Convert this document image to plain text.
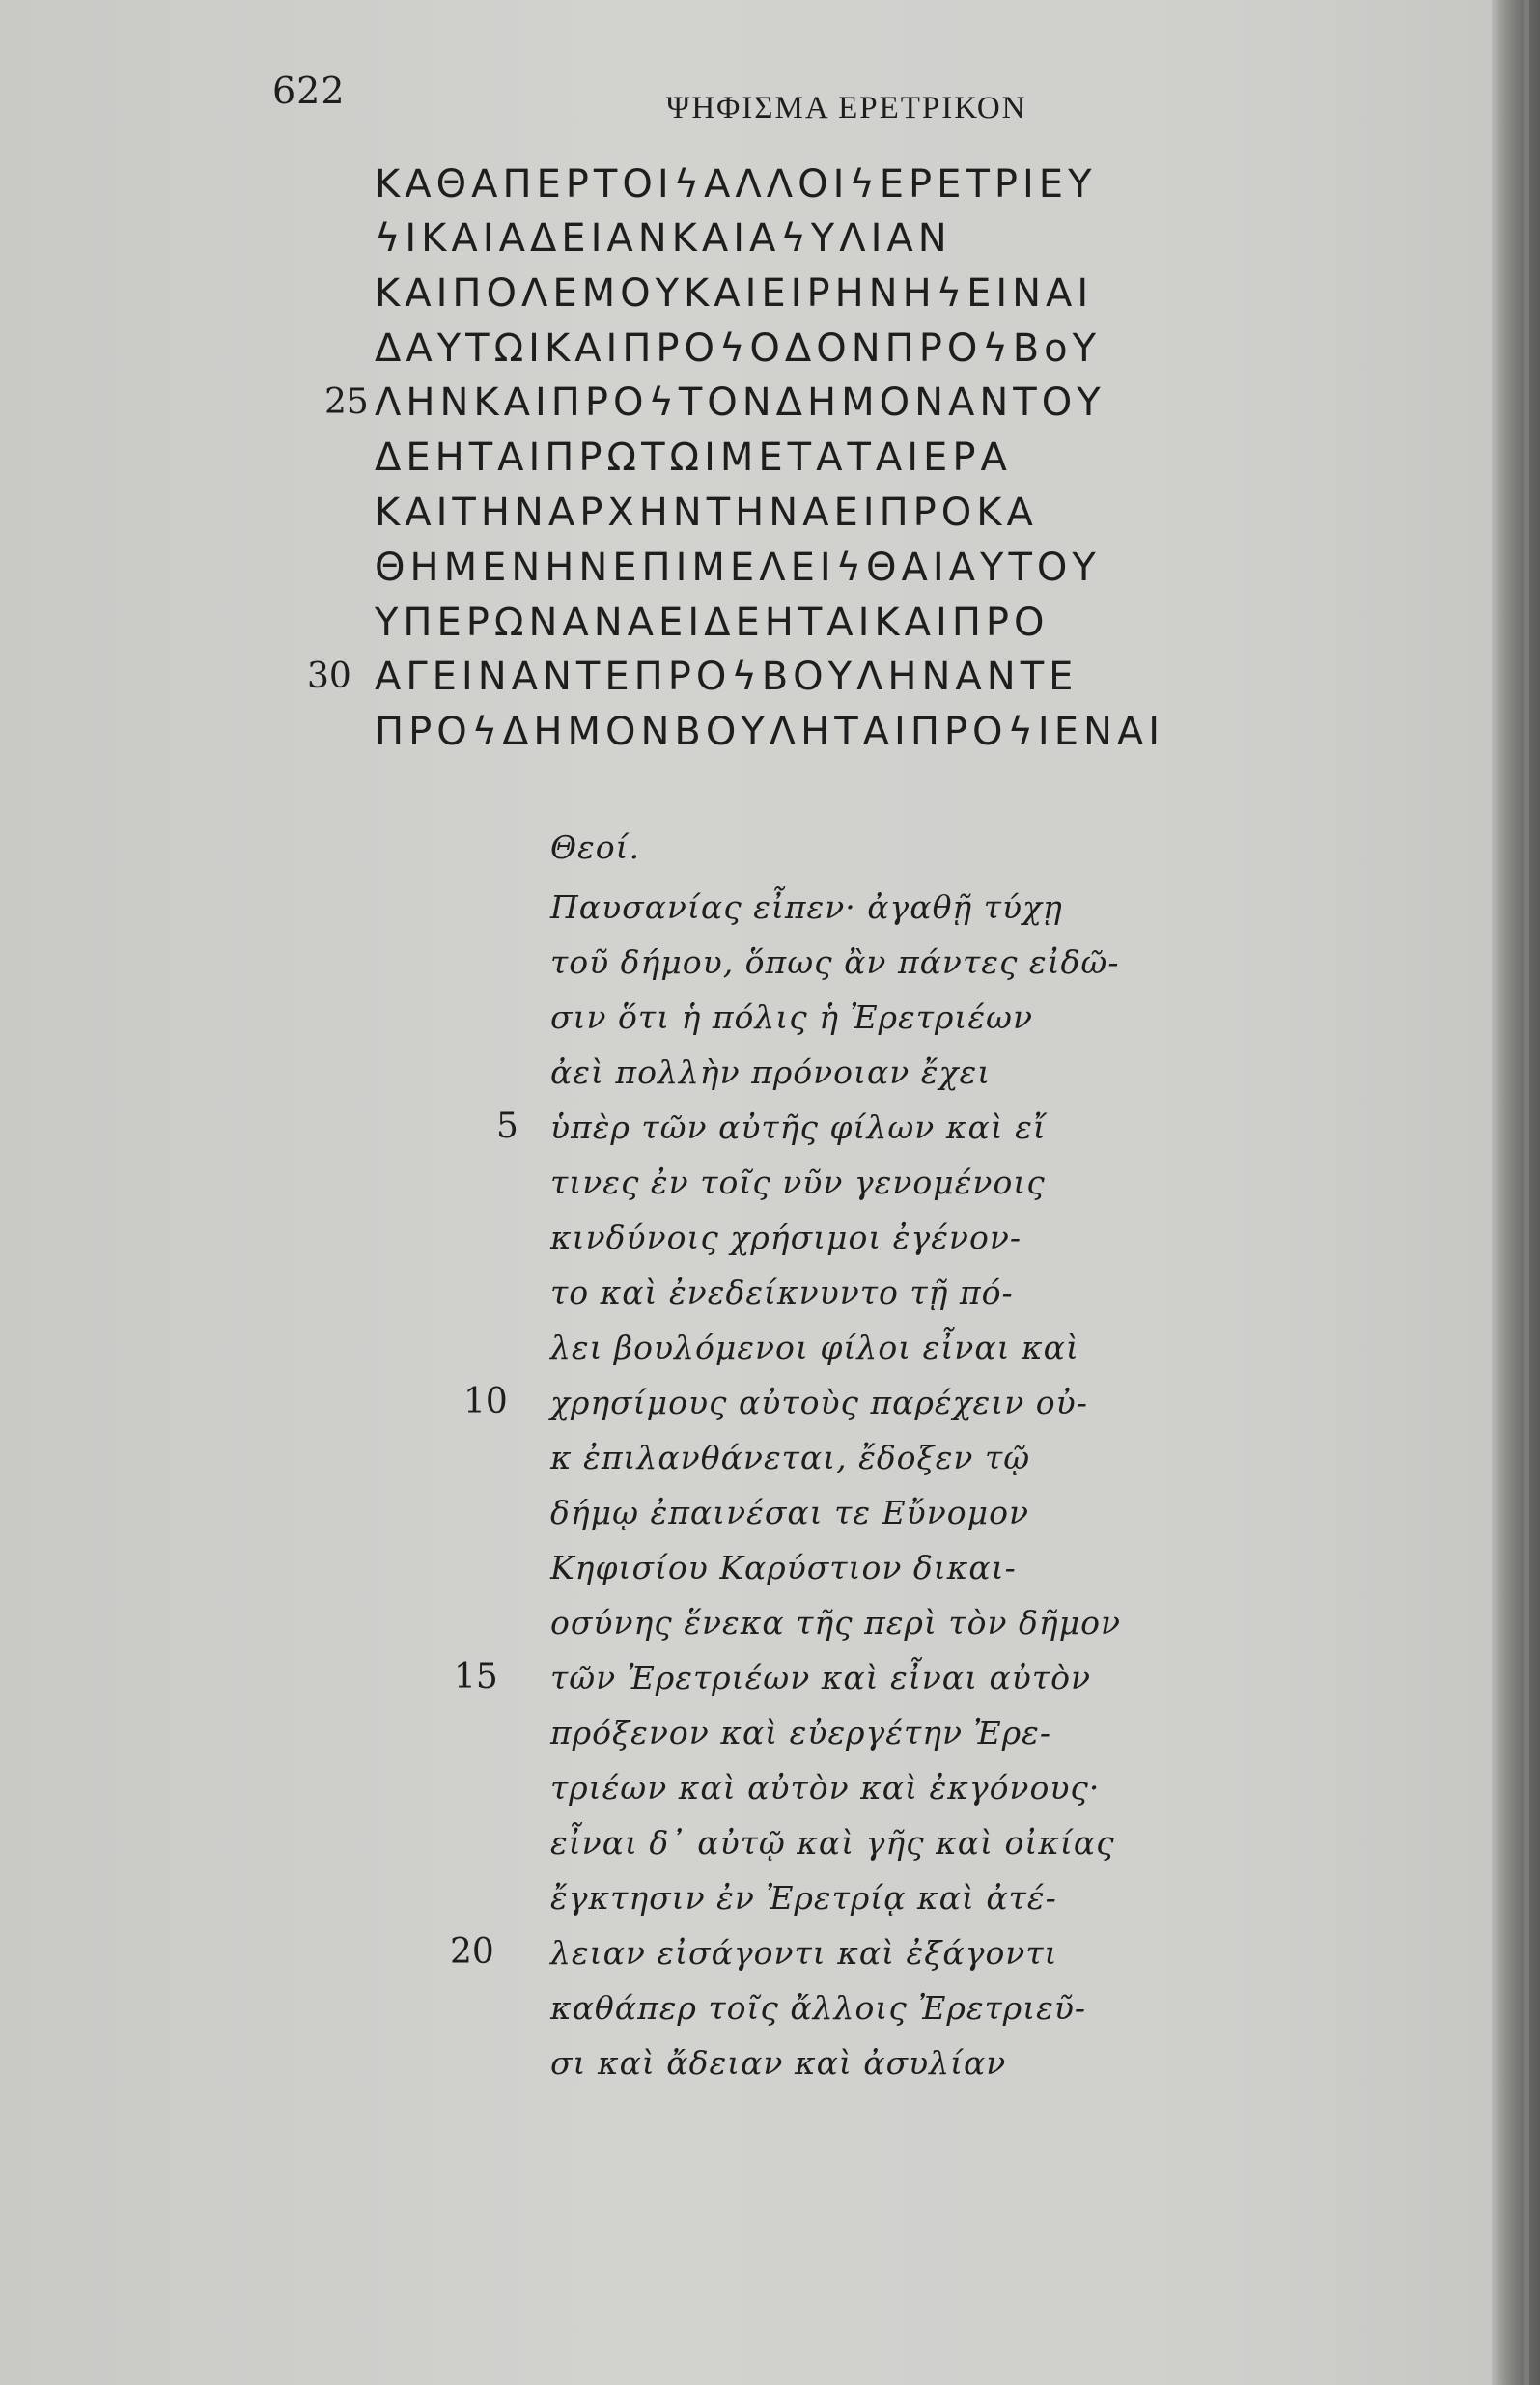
622	ΨΗΦΙΣΜΑ ΕΡΕΤΡΙΚΟΝ
ΚΑΘΑΠΕΡΤΟΙϟΑΛΛΟΙϟΕΡΕΤΡΙΕΥ
ϟΙΚΑΙΑΔΕΙΑΝΚΑΙΑϟΥΛΙΑΝ
ΚΑΙΠΟΛΕΜΟΥΚΑΙΕΙΡΗΝΗϟΕΙΝΑΙ
ΔΑΥΤΩΙΚΑΙΠΡΟϟΟΔΟΝΠΡΟϟΒοΥ
25 ΛΗΝΚΑΙΠΡΟϟΤΟΝΔΗΜΟΝΑΝΤΟΥ
ΔΕΗΤΑΙΠΡΩΤΩΙΜΕΤΑΤΑΙΕΡΑ
ΚΑΙΤΗΝΑΡΧΗΝΤΗΝΑΕΙΠΡΟΚΑ
ΘΗΜΕΝΗΝΕΠΙΜΕΛΕΙϟΘΑΙΑΥΤΟΥ
ΥΠΕΡΩΝΑΝΑΕΙΔΕΗΤΑΙΚΑΙΠΡΟ
30 ΑΓΕΙΝΑΝΤΕΠΡΟϟΒΟΥΛΗΝΑΝΤΕ
ΠΡΟϟΔΗΜΟΝΒΟΥΛΗΤΑΙΠΡΟϟΙΕΝΑΙ
Θεοί.
Παυσανίας εἶπεν· ἀγαθῇ τύχῃ
τοῦ δήμου, ὅπως ἂν πάντες εἰδῶ-
σιν ὅτι ἡ πόλις ἡ Ἐρετριέων
ἀεὶ πολλὴν πρόνοιαν ἔχει
5 ὑπὲρ τῶν αὐτῆς φίλων καὶ εἴ
τινες ἐν τοῖς νῦν γενομένοις
κινδύνοις χρήσιμοι ἐγένον-
το καὶ ἐνεδείκνυντο τῇ πό-
λει βουλόμενοι φίλοι εἶναι καὶ
10 χρησίμους αὐτοὺς παρέχειν οὐ-
κ ἐπιλανθάνεται, ἔδοξεν τῷ
δήμῳ ἐπαινέσαι τε Εὔνομον
Κηφισίου Καρύστιον δικαι-
οσύνης ἕνεκα τῆς περὶ τὸν δῆμον
15 τῶν Ἐρετριέων καὶ εἶναι αὐτὸν
πρόξενον καὶ εὐεργέτην Ἐρε-
τριέων καὶ αὐτὸν καὶ ἐκγόνους·
εἶναι δ᾽ αὐτῷ καὶ γῆς καὶ οἰκίας
ἔγκτησιν ἐν Ἐρετρίᾳ καὶ ἀτέ-
20 λειαν εἰσάγοντι καὶ ἐξάγοντι
καθάπερ τοῖς ἄλλοις Ἐρετριεῦ-
σι καὶ ἄδειαν καὶ ἀσυλίαν
